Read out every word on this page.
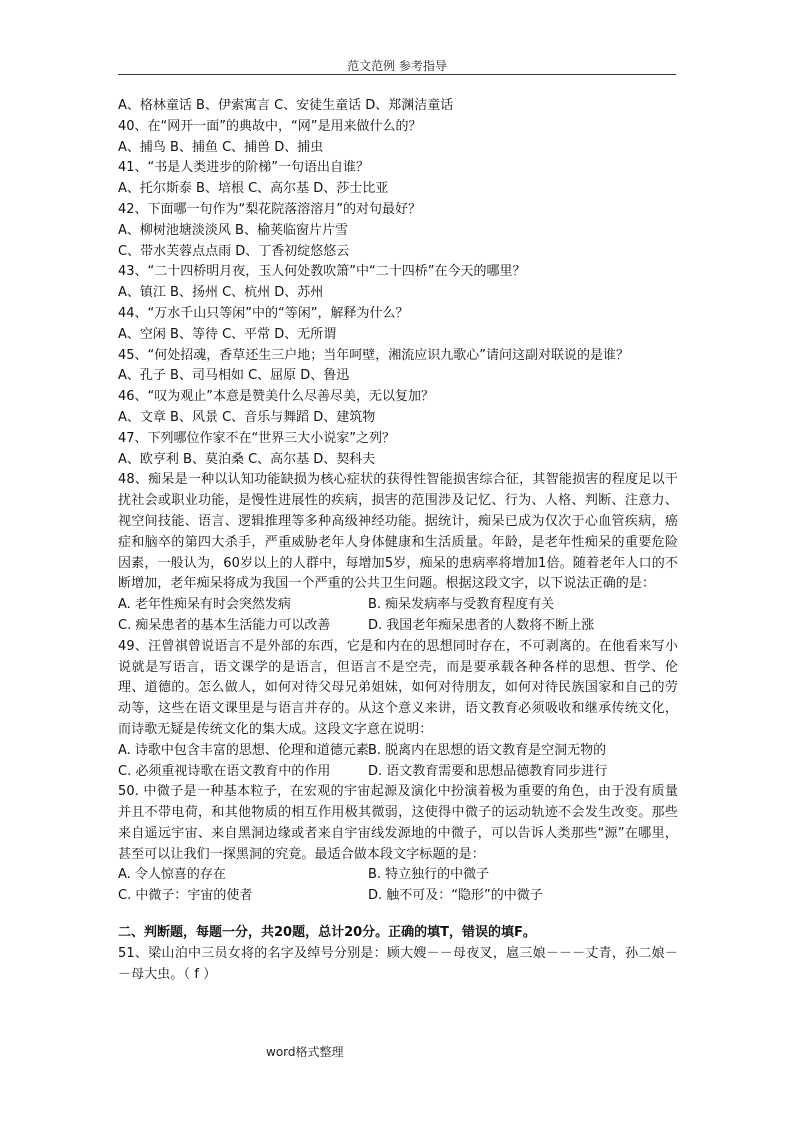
范文范例 参考指导
A、格林童话 B、伊索寓言 C、安徒生童话 D、郑渊洁童话
40、在“网开一面”的典故中，“网”是用来做什么的？
A、捕鸟 B、捕鱼 C、捕兽 D、捕虫
41、“书是人类进步的阶梯”一句语出自谁？
A、托尔斯泰 B、培根 C、高尔基 D、莎士比亚
42、下面哪一句作为“梨花院落溶溶月”的对句最好？
A、柳树池塘淡淡风 B、榆荚临窗片片雪
C、带水芙蓉点点雨 D、丁香初绽悠悠云
43、“二十四桥明月夜，玉人何处教吹箫”中“二十四桥”在今天的哪里？
A、镇江 B、扬州 C、杭州 D、苏州
44、“万水千山只等闲”中的“等闲”，解释为什么？
A、空闲 B、等待 C、平常 D、无所谓
45、“何处招魂，香草还生三户地；当年呵壁，湘流应识九歌心”请问这副对联说的是谁？
A、孔子 B、司马相如 C、屈原 D、鲁迅
46、“叹为观止”本意是赞美什么尽善尽美，无以复加？
A、文章 B、风景 C、音乐与舞蹈 D、建筑物
47、下列哪位作家不在“世界三大小说家”之列？
A、欧亨利 B、莫泊桑 C、高尔基 D、契科夫
48、痴呆是一种以认知功能缺损为核心症状的获得性智能损害综合征，其智能损害的程度足以干扰社会或职业功能，是慢性进展性的疾病，损害的范围涉及记忆、行为、人格、判断、注意力、视空间技能、语言、逻辑推理等多种高级神经功能。据统计，痴呆已成为仅次于心血管疾病，癌症和脑卒的第四大杀手，严重威胁老年人身体健康和生活质量。年龄，是老年性痴呆的重要危险因素，一般认为，60岁以上的人群中，每增加5岁，痴呆的患病率将增加1倍。随着老年人口的不断增加，老年痴呆将成为我国一个严重的公共卫生问题。根据这段文字，以下说法正确的是：
A. 老年性痴呆有时会突然发病	B. 痴呆发病率与受教育程度有关
C. 痴呆患者的基本生活能力可以改善	D. 我国老年痴呆患者的人数将不断上涨
49、汪曾祺曾说语言不是外部的东西，它是和内在的思想同时存在，不可剥离的。在他看来写小说就是写语言，语文课学的是语言，但语言不是空壳，而是要承载各种各样的思想、哲学、伦理、道德的。怎么做人，如何对待父母兄弟姐妹，如何对待朋友，如何对待民族国家和自己的劳动等，这些在语文课里是与语言并存的。从这个意义来讲，语文教育必须吸收和继承传统文化，而诗歌无疑是传统文化的集大成。这段文字意在说明：
A. 诗歌中包含丰富的思想、伦理和道德元素 B. 脱离内在思想的语文教育是空洞无物的
C. 必须重视诗歌在语文教育中的作用	D. 语文教育需要和思想品德教育同步进行
50. 中微子是一种基本粒子，在宏观的宇宙起源及演化中扮演着极为重要的角色，由于没有质量并且不带电荷，和其他物质的相互作用极其微弱，这使得中微子的运动轨迹不会发生改变。那些来自遥远宇宙、来自黑洞边缘或者来自宇宙线发源地的中微子，可以告诉人类那些“源”在哪里，甚至可以让我们一探黑洞的究竟。最适合做本段文字标题的是：
A. 令人惊喜的存在	B. 特立独行的中微子
C. 中微子：宇宙的使者	D. 触不可及：“隐形”的中微子
二、判断题，每题一分，共20题，总计20分。正确的填T，错误的填F。
51、梁山泊中三员女将的名字及绰号分别是：顾大嫂－－母夜叉，扈三娘－－－丈青，孙二娘－－母大虫。（ f ）
word格式整理
